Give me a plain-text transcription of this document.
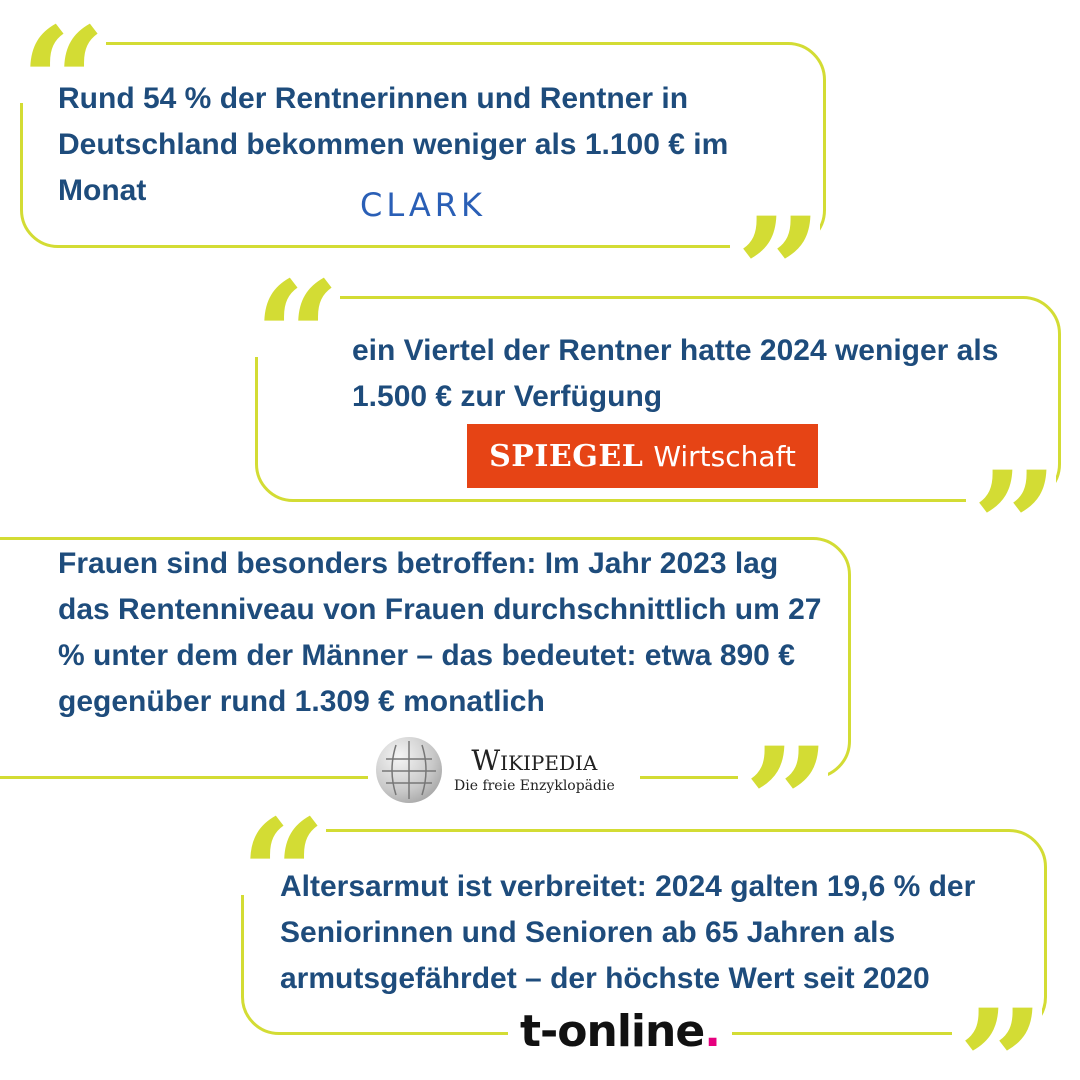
“
Rund 54 % der Rentnerinnen und Rentner in Deutschland bekommen weniger als 1.100 € im Monat	CLARK ”
“ ein Viertel der Rentner hatte 2024 weniger als 1.500 € zur Verfügung
SPIEGEL Wirtschaft ”
Frauen sind besonders betroffen: Im Jahr 2023 lag das Rentenniveau von Frauen durchschnittlich um 27 % unter dem der Männer – das bedeutet: etwa 890 € gegenüber rund 1.309 € monatlich
Wikipedia
Die freie Enzyklopädie ”
“
Altersarmut ist verbreitet: 2024 galten 19,6 % der Seniorinnen und Senioren ab 65 Jahren als armutsgefährdet – der höchste Wert seit 2020
t-online. ”
